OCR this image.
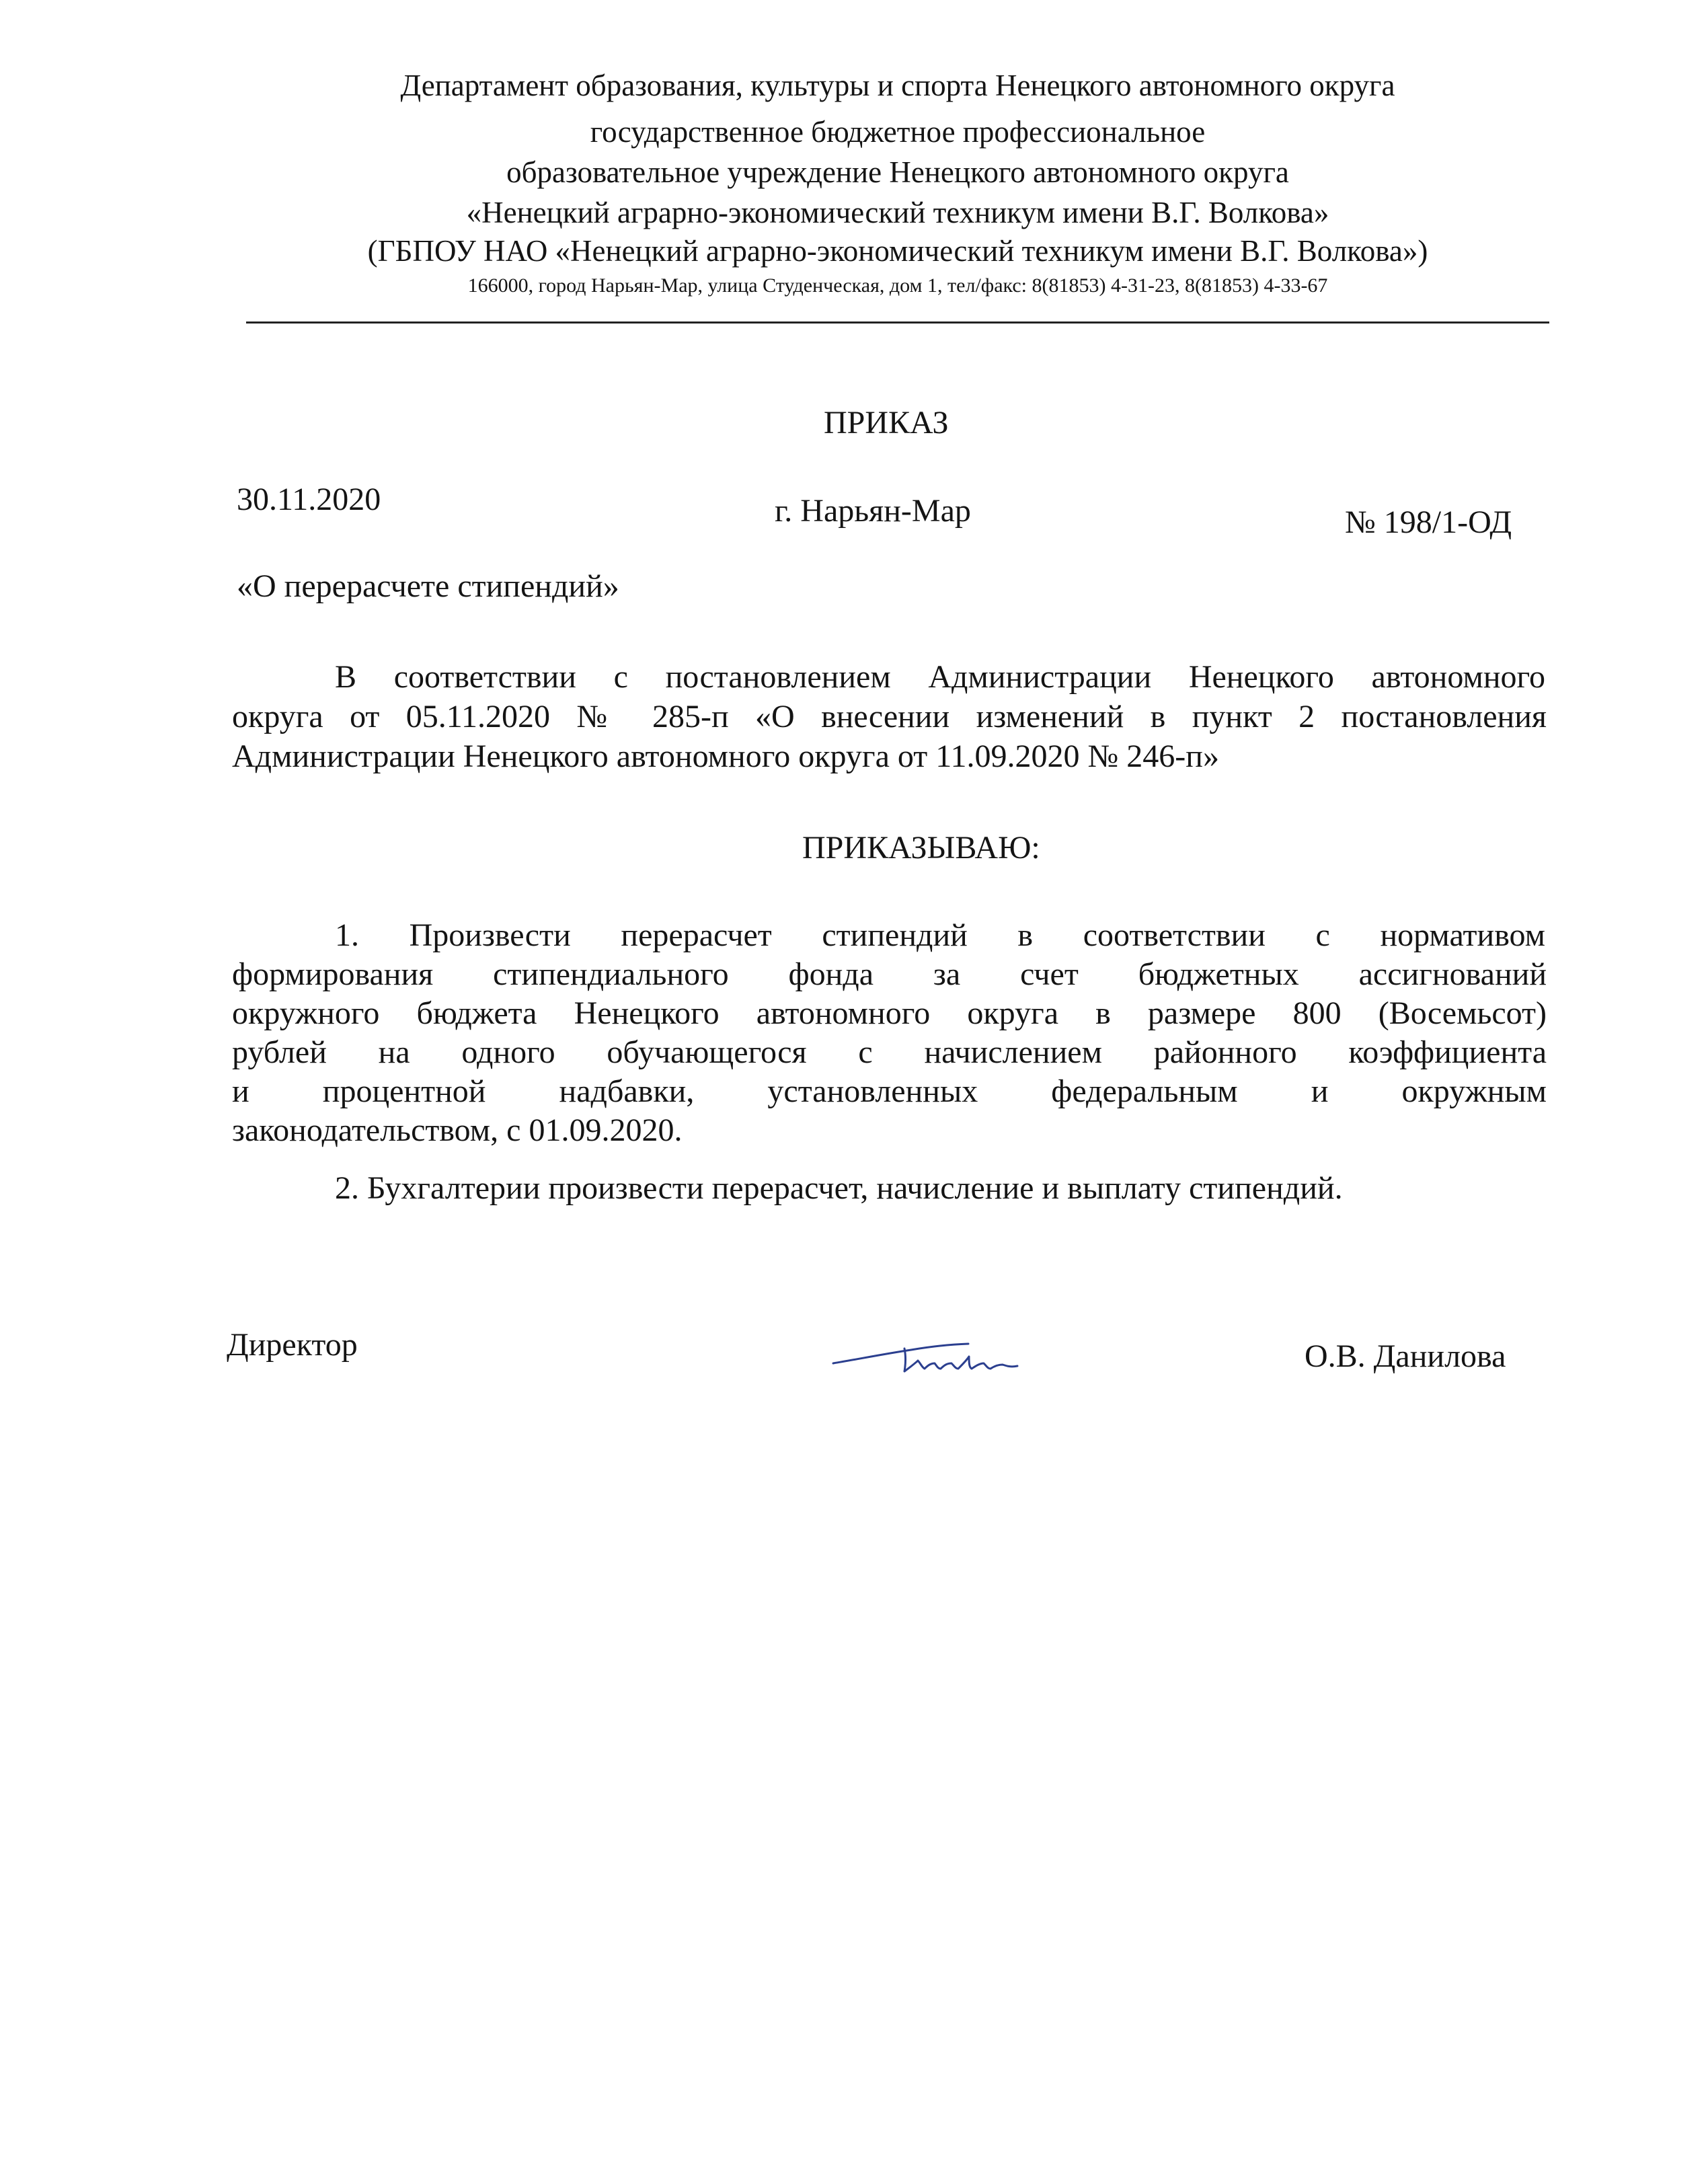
Департамент образования, культуры и спорта Ненецкого автономного округа
государственное бюджетное профессиональное
образовательное учреждение Ненецкого автономного округа
«Ненецкий аграрно-экономический техникум имени В.Г. Волкова»
(ГБПОУ НАО «Ненецкий аграрно-экономический техникум имени В.Г. Волкова»)
166000, город Нарьян-Мар, улица Студенческая, дом 1, тел/факс: 8(81853) 4-31-23, 8(81853) 4-33-67
ПРИКАЗ
30.11.2020	г. Нарьян-Мар	№ 198/1-ОД
«О перерасчете стипендий»
В соответствии с постановлением Администрации Ненецкого автономного
округа от 05.11.2020 № 285-п «О внесении изменений в пункт 2 постановления
Администрации Ненецкого автономного округа от 11.09.2020 № 246-п»
ПРИКАЗЫВАЮ:
1. Произвести перерасчет стипендий в соответствии с нормативом
формирования стипендиального фонда за счет бюджетных ассигнований
окружного бюджета Ненецкого автономного округа в размере 800 (Восемьсот)
рублей на одного обучающегося с начислением районного коэффициента
и процентной надбавки, установленных федеральным и окружным
законодательством, с 01.09.2020.
2. Бухгалтерии произвести перерасчет, начисление и выплату стипендий.
Директор	О.В. Данилова
